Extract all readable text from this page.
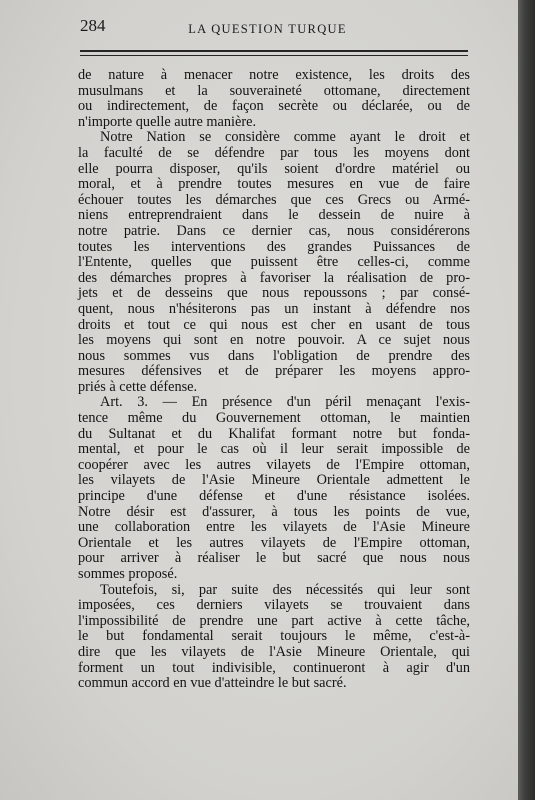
284	LA QUESTION TURQUE
de nature à menacer notre existence, les droits des
musulmans et la souveraineté ottomane, directement
ou indirectement, de façon secrète ou déclarée, ou de
n'importe quelle autre manière.
Notre Nation se considère comme ayant le droit et
la faculté de se défendre par tous les moyens dont
elle pourra disposer, qu'ils soient d'ordre matériel ou
moral, et à prendre toutes mesures en vue de faire
échouer toutes les démarches que ces Grecs ou Armé-
niens entreprendraient dans le dessein de nuire à
notre patrie. Dans ce dernier cas, nous considérerons
toutes les interventions des grandes Puissances de
l'Entente, quelles que puissent être celles-ci, comme
des démarches propres à favoriser la réalisation de pro-
jets et de desseins que nous repoussons ; par consé-
quent, nous n'hésiterons pas un instant à défendre nos
droits et tout ce qui nous est cher en usant de tous
les moyens qui sont en notre pouvoir. A ce sujet nous
nous sommes vus dans l'obligation de prendre des
mesures défensives et de préparer les moyens appro-
priés à cette défense.
Art. 3. — En présence d'un péril menaçant l'exis-
tence même du Gouvernement ottoman, le maintien
du Sultanat et du Khalifat formant notre but fonda-
mental, et pour le cas où il leur serait impossible de
coopérer avec les autres vilayets de l'Empire ottoman,
les vilayets de l'Asie Mineure Orientale admettent le
principe d'une défense et d'une résistance isolées.
Notre désir est d'assurer, à tous les points de vue,
une collaboration entre les vilayets de l'Asie Mineure
Orientale et les autres vilayets de l'Empire ottoman,
pour arriver à réaliser le but sacré que nous nous
sommes proposé.
Toutefois, si, par suite des nécessités qui leur sont
imposées, ces derniers vilayets se trouvaient dans
l'impossibilité de prendre une part active à cette tâche,
le but fondamental serait toujours le même, c'est-à-
dire que les vilayets de l'Asie Mineure Orientale, qui
forment un tout indivisible, continueront à agir d'un
commun accord en vue d'atteindre le but sacré.
